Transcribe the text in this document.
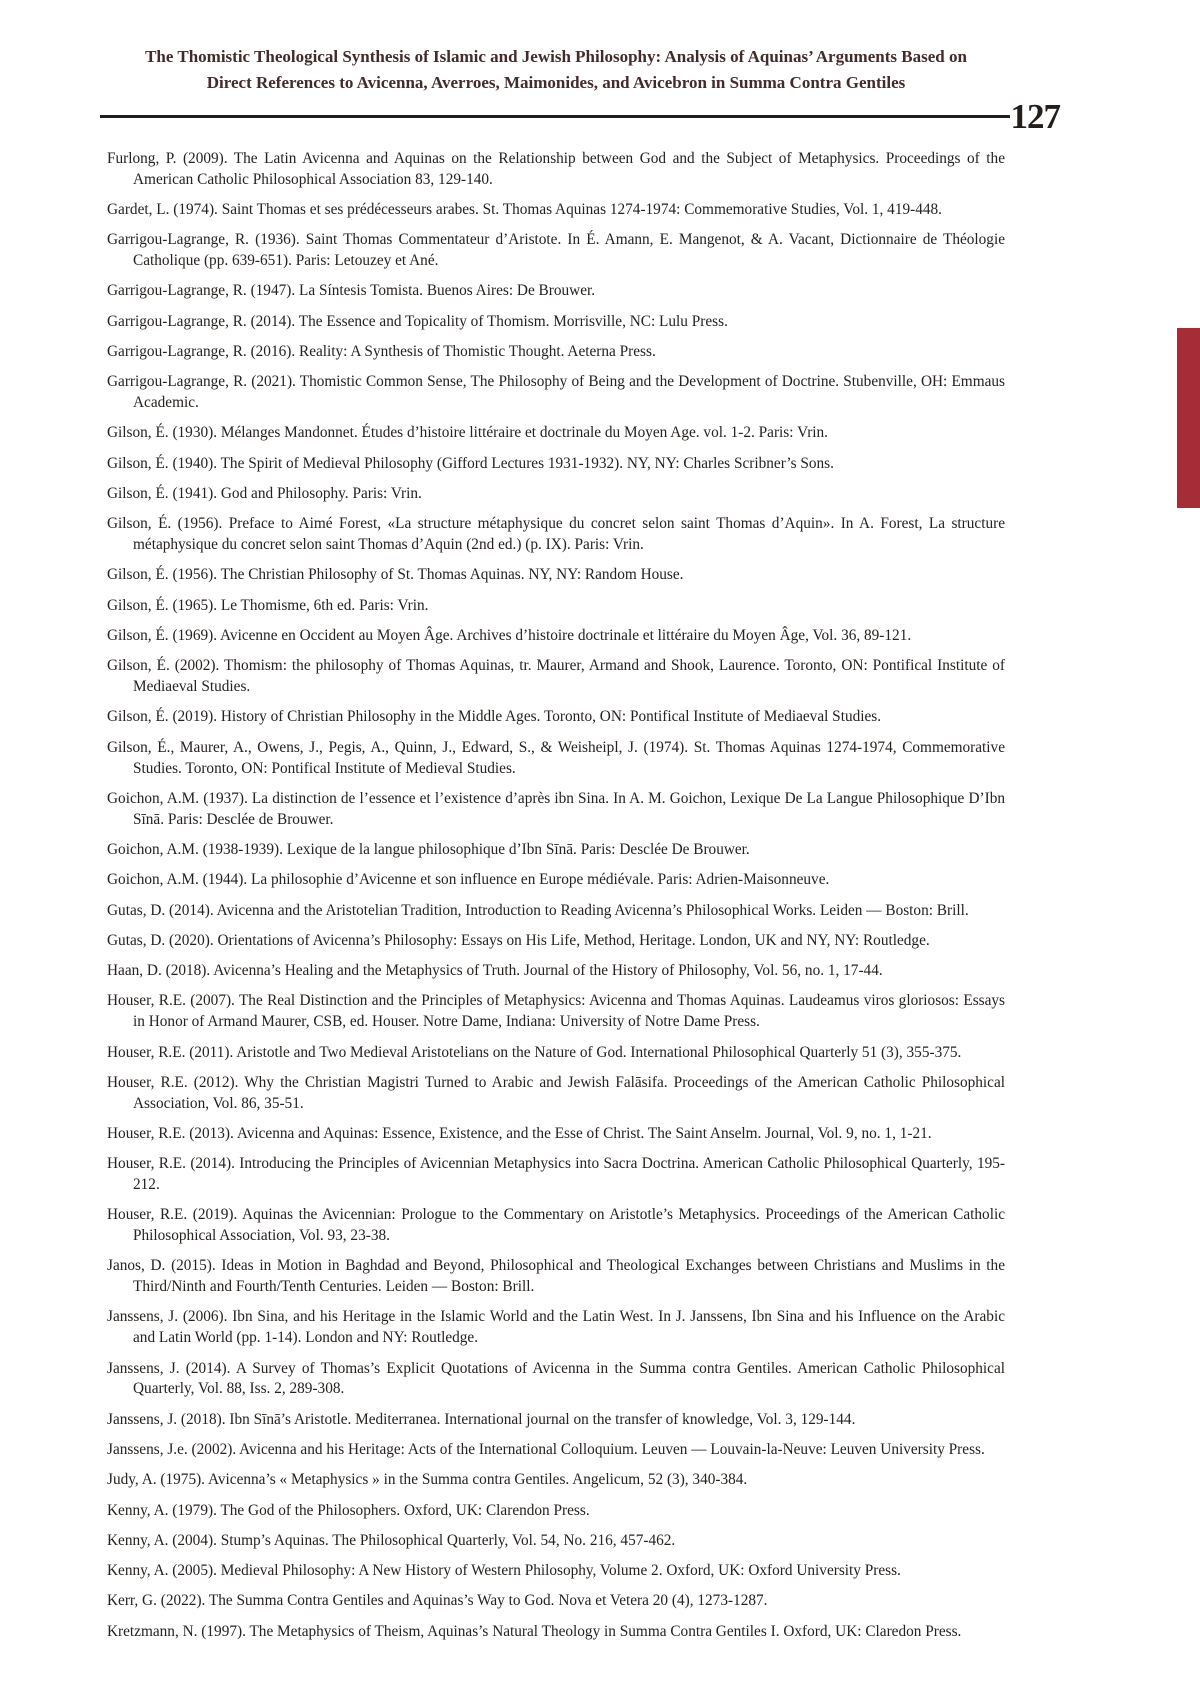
The Thomistic Theological Synthesis of Islamic and Jewish Philosophy: Analysis of Aquinas’ Arguments Based on
Direct References to Avicenna, Averroes, Maimonides, and Avicebron in Summa Contra Gentiles
127

Furlong, P. (2009). The Latin Avicenna and Aquinas on the Relationship between God and the Subject of Metaphysics. Proceedings of the American Catholic Philosophical Association 83, 129-140.

Gardet, L. (1974). Saint Thomas et ses prédécesseurs arabes. St. Thomas Aquinas 1274-1974: Commemorative Studies, Vol. 1, 419-448.

Garrigou-Lagrange, R. (1936). Saint Thomas Commentateur d’Aristote. In É. Amann, E. Mangenot, & A. Vacant, Dictionnaire de Théologie Catholique (pp. 639-651). Paris: Letouzey et Ané.

Garrigou-Lagrange, R. (1947). La Síntesis Tomista. Buenos Aires: De Brouwer.

Garrigou-Lagrange, R. (2014). The Essence and Topicality of Thomism. Morrisville, NC: Lulu Press.

Garrigou-Lagrange, R. (2016). Reality: A Synthesis of Thomistic Thought. Aeterna Press.

Garrigou-Lagrange, R. (2021). Thomistic Common Sense, The Philosophy of Being and the Development of Doctrine. Stubenville, OH: Emmaus Academic.

Gilson, É. (1930). Mélanges Mandonnet. Études d’histoire littéraire et doctrinale du Moyen Age. vol. 1-2. Paris: Vrin.

Gilson, É. (1940). The Spirit of Medieval Philosophy (Gifford Lectures 1931-1932). NY, NY: Charles Scribner’s Sons.

Gilson, É. (1941). God and Philosophy. Paris: Vrin.

Gilson, É. (1956). Preface to Aimé Forest, «La structure métaphysique du concret selon saint Thomas d’Aquin». In A. Forest, La structure métaphysique du concret selon saint Thomas d’Aquin (2nd ed.) (p. IX). Paris: Vrin.

Gilson, É. (1956). The Christian Philosophy of St. Thomas Aquinas. NY, NY: Random House.

Gilson, É. (1965). Le Thomisme, 6th ed. Paris: Vrin.

Gilson, É. (1969). Avicenne en Occident au Moyen Âge. Archives d’histoire doctrinale et littéraire du Moyen Âge, Vol. 36, 89-121.

Gilson, É. (2002). Thomism: the philosophy of Thomas Aquinas, tr. Maurer, Armand and Shook, Laurence. Toronto, ON: Pontifical Institute of Mediaeval Studies.

Gilson, É. (2019). History of Christian Philosophy in the Middle Ages. Toronto, ON: Pontifical Institute of Mediaeval Studies.

Gilson, É., Maurer, A., Owens, J., Pegis, A., Quinn, J., Edward, S., & Weisheipl, J. (1974). St. Thomas Aquinas 1274-1974, Commemorative Studies. Toronto, ON: Pontifical Institute of Medieval Studies.

Goichon, A.M. (1937). La distinction de l’essence et l’existence d’après ibn Sina. In A. M. Goichon, Lexique De La Langue Philosophique D’Ibn Sīnā. Paris: Desclée de Brouwer.

Goichon, A.M. (1938-1939). Lexique de la langue philosophique d’Ibn Sīnā. Paris: Desclée De Brouwer.

Goichon, A.M. (1944). La philosophie d’Avicenne et son influence en Europe médiévale. Paris: Adrien-Maisonneuve.

Gutas, D. (2014). Avicenna and the Aristotelian Tradition, Introduction to Reading Avicenna’s Philosophical Works. Leiden — Boston: Brill.

Gutas, D. (2020). Orientations of Avicenna’s Philosophy: Essays on His Life, Method, Heritage. London, UK and NY, NY: Routledge.

Haan, D. (2018). Avicenna’s Healing and the Metaphysics of Truth. Journal of the History of Philosophy, Vol. 56, no. 1, 17-44.

Houser, R.E. (2007). The Real Distinction and the Principles of Metaphysics: Avicenna and Thomas Aquinas. Laudeamus viros gloriosos: Essays in Honor of Armand Maurer, CSB, ed. Houser. Notre Dame, Indiana: University of Notre Dame Press.

Houser, R.E. (2011). Aristotle and Two Medieval Aristotelians on the Nature of God. International Philosophical Quarterly 51 (3), 355-375.

Houser, R.E. (2012). Why the Christian Magistri Turned to Arabic and Jewish Falāsifa. Proceedings of the American Catholic Philosophical Association, Vol. 86, 35-51.

Houser, R.E. (2013). Avicenna and Aquinas: Essence, Existence, and the Esse of Christ. The Saint Anselm. Journal, Vol. 9, no. 1, 1-21.

Houser, R.E. (2014). Introducing the Principles of Avicennian Metaphysics into Sacra Doctrina. American Catholic Philosophical Quarterly, 195-212.

Houser, R.E. (2019). Aquinas the Avicennian: Prologue to the Commentary on Aristotle’s Metaphysics. Proceedings of the American Catholic Philosophical Association, Vol. 93, 23-38.

Janos, D. (2015). Ideas in Motion in Baghdad and Beyond, Philosophical and Theological Exchanges between Christians and Muslims in the Third/Ninth and Fourth/Tenth Centuries. Leiden — Boston: Brill.

Janssens, J. (2006). Ibn Sina, and his Heritage in the Islamic World and the Latin West. In J. Janssens, Ibn Sina and his Influence on the Arabic and Latin World (pp. 1-14). London and NY: Routledge.

Janssens, J. (2014). A Survey of Thomas’s Explicit Quotations of Avicenna in the Summa contra Gentiles. American Catholic Philosophical Quarterly, Vol. 88, Iss. 2, 289-308.

Janssens, J. (2018). Ibn Sīnā’s Aristotle. Mediterranea. International journal on the transfer of knowledge, Vol. 3, 129-144.

Janssens, J.e. (2002). Avicenna and his Heritage: Acts of the International Colloquium. Leuven — Louvain-la-Neuve: Leuven University Press.

Judy, A. (1975). Avicenna’s « Metaphysics » in the Summa contra Gentiles. Angelicum, 52 (3), 340-384.

Kenny, A. (1979). The God of the Philosophers. Oxford, UK: Clarendon Press.

Kenny, A. (2004). Stump’s Aquinas. The Philosophical Quarterly, Vol. 54, No. 216, 457-462.

Kenny, A. (2005). Medieval Philosophy: A New History of Western Philosophy, Volume 2. Oxford, UK: Oxford University Press.

Kerr, G. (2022). The Summa Contra Gentiles and Aquinas’s Way to God. Nova et Vetera 20 (4), 1273-1287.

Kretzmann, N. (1997). The Metaphysics of Theism, Aquinas’s Natural Theology in Summa Contra Gentiles I. Oxford, UK: Claredon Press.
